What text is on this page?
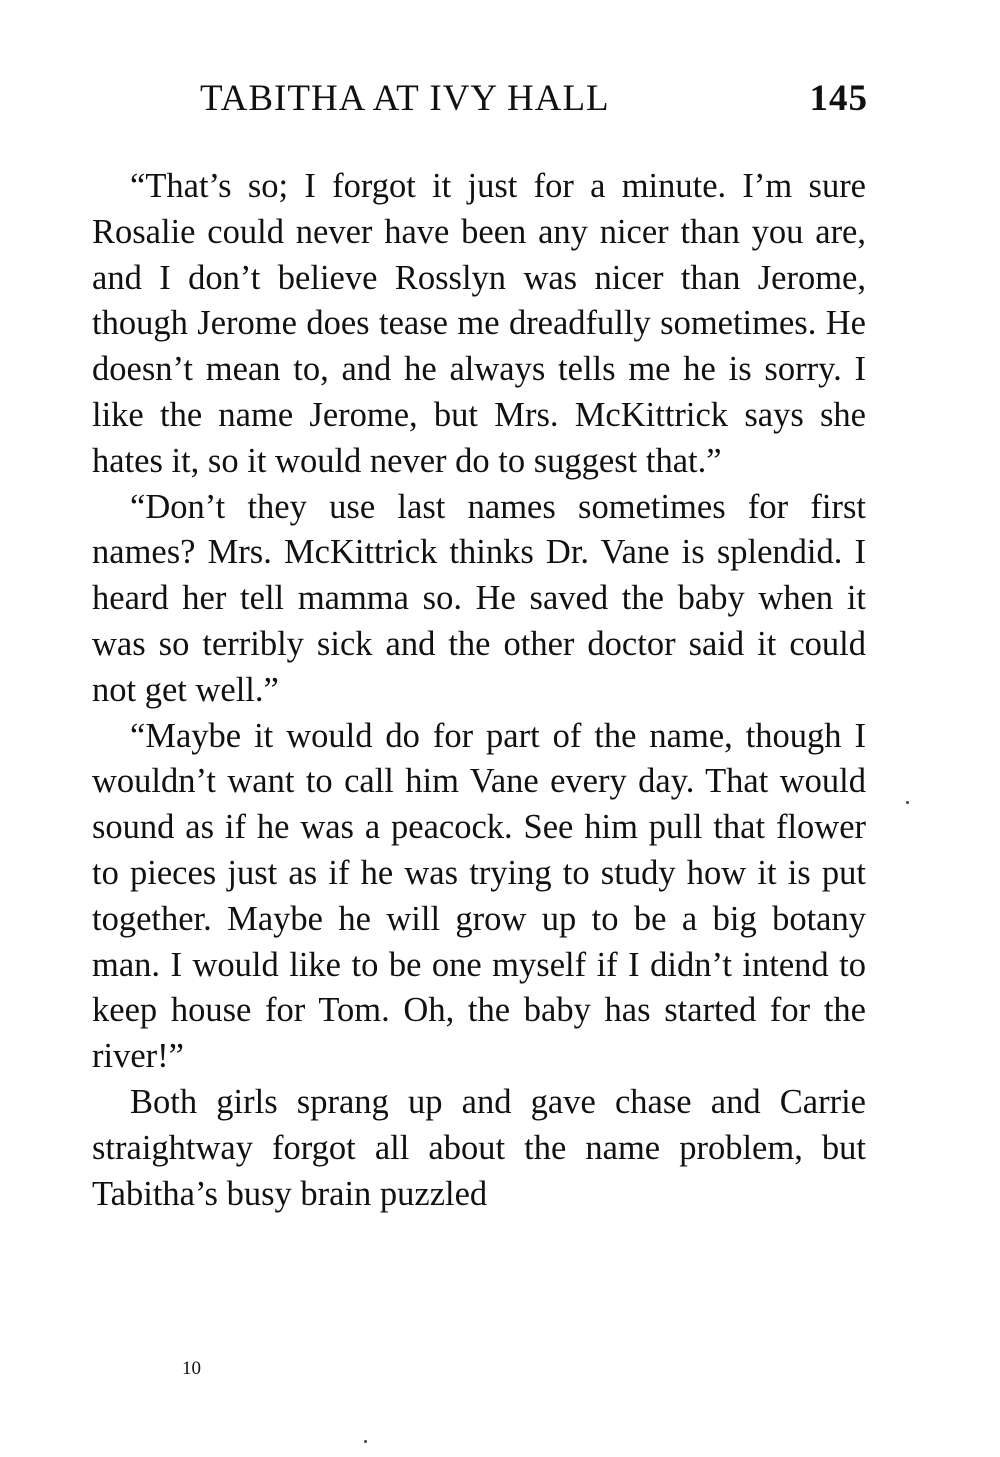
TABITHA AT IVY HALL	145

“That’s so; I forgot it just for a minute. I’m sure Rosalie could never have been any nicer than you are, and I don’t believe Rosslyn was nicer than Jerome, though Jerome does tease me dreadfully sometimes. He doesn’t mean to, and he always tells me he is sorry. I like the name Jerome, but Mrs. McKittrick says she hates it, so it would never do to suggest that.”

“Don’t they use last names sometimes for first names? Mrs. McKittrick thinks Dr. Vane is splendid. I heard her tell mamma so. He saved the baby when it was so terribly sick and the other doctor said it could not get well.”

“Maybe it would do for part of the name, though I wouldn’t want to call him Vane every day. That would sound as if he was a peacock. See him pull that flower to pieces just as if he was trying to study how it is put together. Maybe he will grow up to be a big botany man. I would like to be one myself if I didn’t intend to keep house for Tom. Oh, the baby has started for the river!”

Both girls sprang up and gave chase and Carrie straightway forgot all about the name problem, but Tabitha’s busy brain puzzled

10
